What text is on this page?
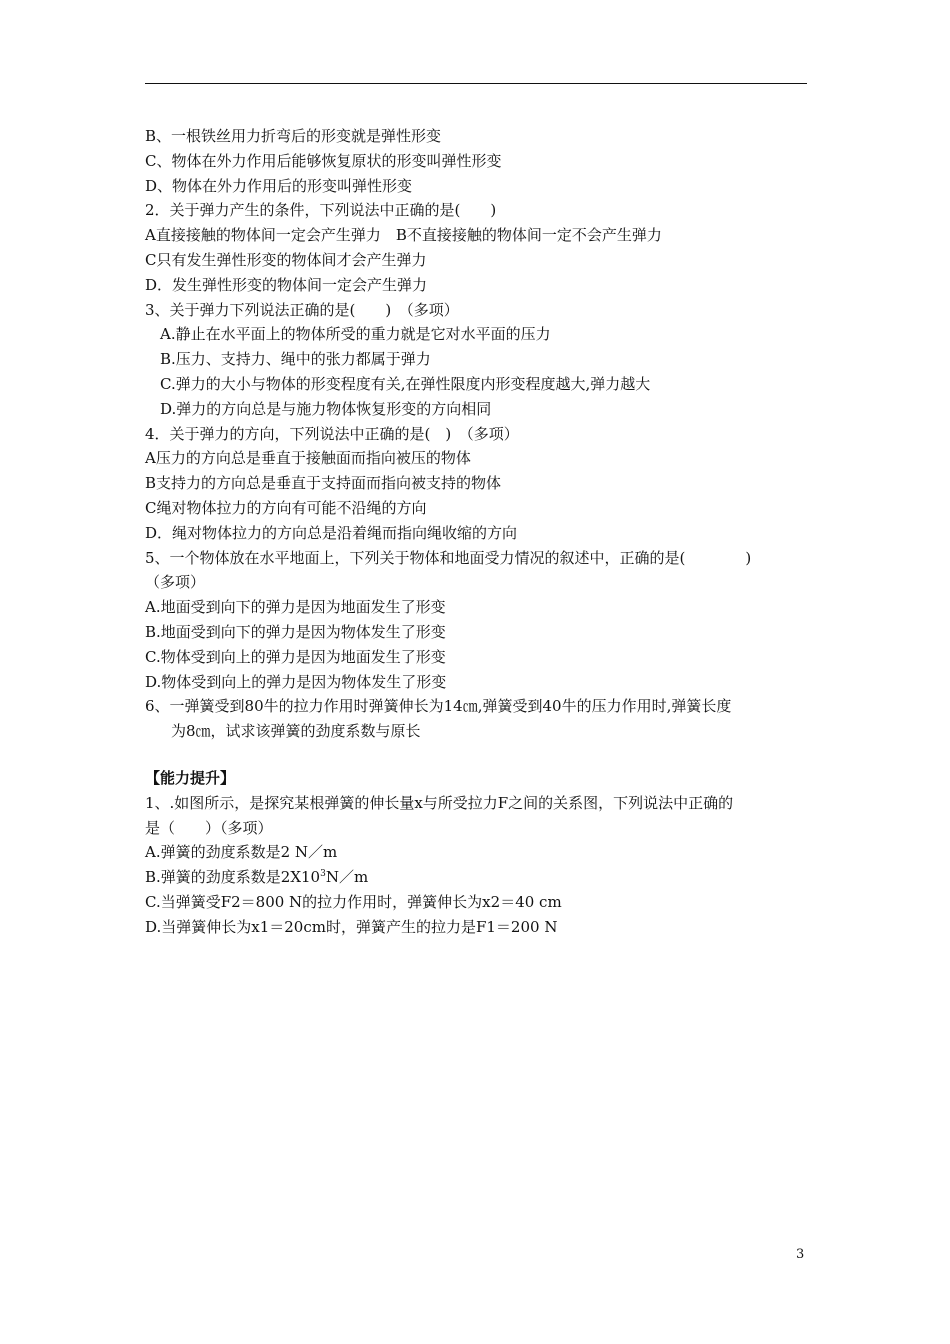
B、一根铁丝用力折弯后的形变就是弹性形变
C、物体在外力作用后能够恢复原状的形变叫弹性形变
D、物体在外力作用后的形变叫弹性形变
2．关于弹力产生的条件，下列说法中正确的是(　　)
A直接接触的物体间一定会产生弹力　B不直接接触的物体间一定不会产生弹力
C只有发生弹性形变的物体间才会产生弹力
D．发生弹性形变的物体间一定会产生弹力
3、关于弹力下列说法正确的是(　　)　（多项）
A.静止在水平面上的物体所受的重力就是它对水平面的压力
B.压力、支持力、绳中的张力都属于弹力
C.弹力的大小与物体的形变程度有关,在弹性限度内形变程度越大,弹力越大
D.弹力的方向总是与施力物体恢复形变的方向相同
4．关于弹力的方向，下列说法中正确的是(　)　（多项）
A压力的方向总是垂直于接触面而指向被压的物体
B支持力的方向总是垂直于支持面而指向被支持的物体
C绳对物体拉力的方向有可能不沿绳的方向
D．绳对物体拉力的方向总是沿着绳而指向绳收缩的方向
5、一个物体放在水平地面上，下列关于物体和地面受力情况的叙述中，正确的是(　　　　)
（多项）
A.地面受到向下的弹力是因为地面发生了形变
B.地面受到向下的弹力是因为物体发生了形变
C.物体受到向上的弹力是因为地面发生了形变
D.物体受到向上的弹力是因为物体发生了形变
6、一弹簧受到80牛的拉力作用时弹簧伸长为14㎝,弹簧受到40牛的压力作用时,弹簧长度
为8㎝，试求该弹簧的劲度系数与原长
【能力提升】
1、.如图所示，是探究某根弹簧的伸长量x与所受拉力F之间的关系图，下列说法中正确的
是（　　）（多项）
A.弹簧的劲度系数是2 N／m
B.弹簧的劲度系数是$2X10^3N/m$
C.当弹簧受F2＝800 N的拉力作用时，弹簧伸长为x2＝40 cm
D.当弹簧伸长为x1＝20cm时，弹簧产生的拉力是F1＝200 N
3
